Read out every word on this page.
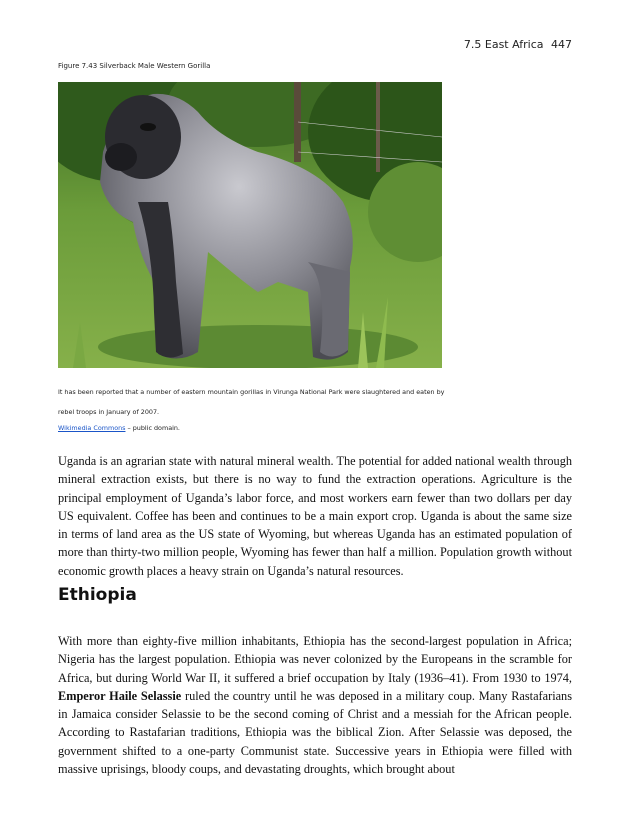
7.5 East Africa 447
Figure 7.43 Silverback Male Western Gorilla
It has been reported that a number of eastern mountain gorillas in Virunga National Park were slaughtered and eaten by rebel troops in January of 2007.
Wikimedia Commons – public domain.

Uganda is an agrarian state with natural mineral wealth. The potential for added national wealth through mineral extraction exists, but there is no way to fund the extraction operations. Agriculture is the principal employment of Uganda’s labor force, and most workers earn fewer than two dollars per day US equivalent. Coffee has been and continues to be a main export crop. Uganda is about the same size in terms of land area as the US state of Wyoming, but whereas Uganda has an estimated population of more than thirty-two million people, Wyoming has fewer than half a million. Population growth without economic growth places a heavy strain on Uganda’s natural resources.

Ethiopia

With more than eighty-five million inhabitants, Ethiopia has the second-largest population in Africa; Nigeria has the largest population. Ethiopia was never colonized by the Europeans in the scramble for Africa, but during World War II, it suffered a brief occupation by Italy (1936–41). From 1930 to 1974, Emperor Haile Selassie ruled the country until he was deposed in a military coup. Many Rastafarians in Jamaica consider Selassie to be the second coming of Christ and a messiah for the African people. According to Rastafarian traditions, Ethiopia was the biblical Zion. After Selassie was deposed, the government shifted to a one-party Communist state. Successive years in Ethiopia were filled with massive uprisings, bloody coups, and devastating droughts, which brought about
